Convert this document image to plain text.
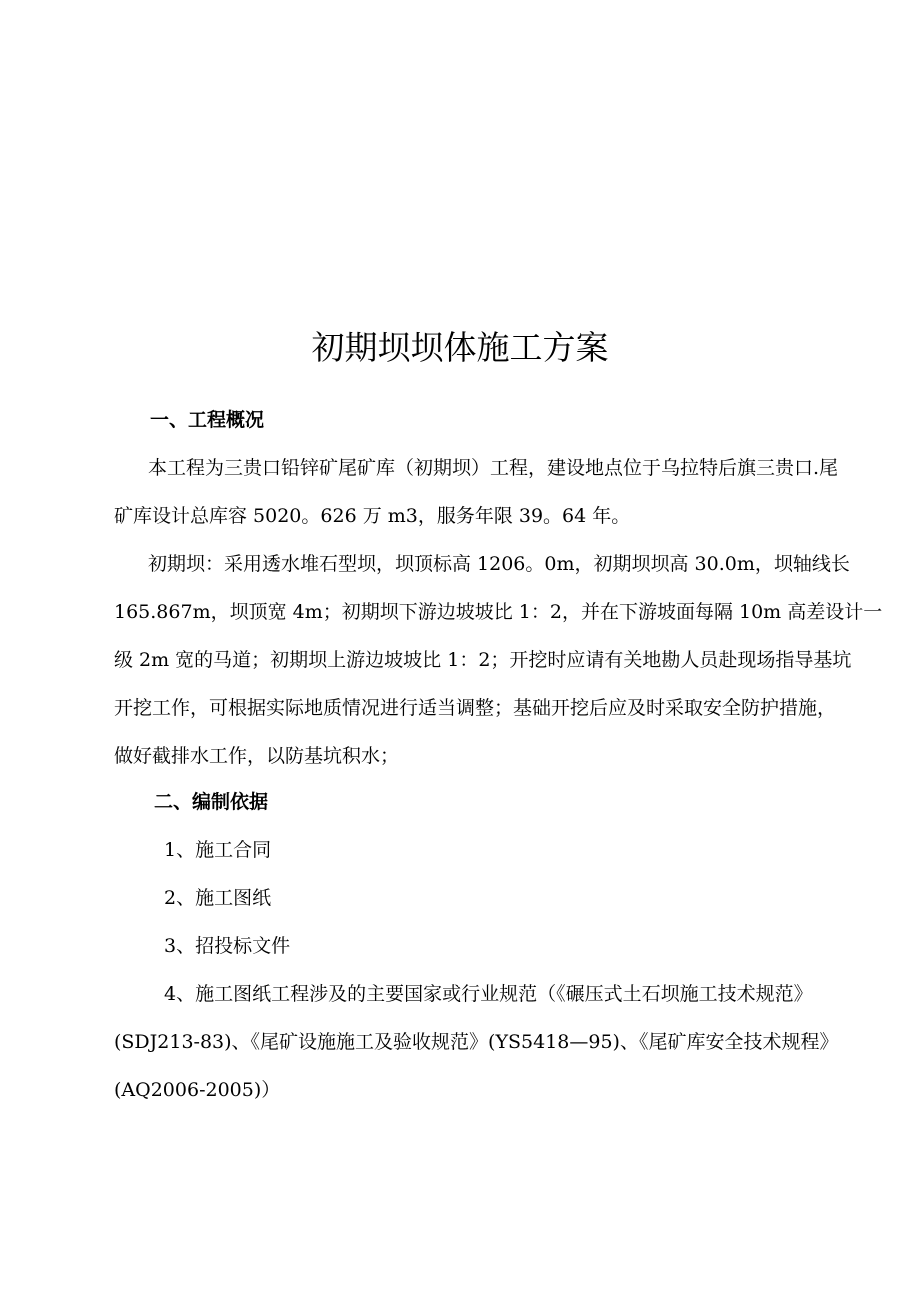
初期坝坝体施工方案
一、工程概况
本工程为三贵口铅锌矿尾矿库（初期坝）工程，建设地点位于乌拉特后旗三贵口.尾
矿库设计总库容 5020。626 万 m3，服务年限 39。64 年。
初期坝：采用透水堆石型坝，坝顶标高 1206。0m，初期坝坝高 30.0m，坝轴线长
165.867m，坝顶宽 4m；初期坝下游边坡坡比 1：2，并在下游坡面每隔 10m 高差设计一
级 2m 宽的马道；初期坝上游边坡坡比 1：2；开挖时应请有关地勘人员赴现场指导基坑
开挖工作，可根据实际地质情况进行适当调整；基础开挖后应及时采取安全防护措施，
做好截排水工作，以防基坑积水；
二、编制依据
1、施工合同
2、施工图纸
3、招投标文件
4、施工图纸工程涉及的主要国家或行业规范（《碾压式土石坝施工技术规范》
(SDJ213-83)、《尾矿设施施工及验收规范》(YS5418—95)、《尾矿库安全技术规程》
(AQ2006-2005)）
